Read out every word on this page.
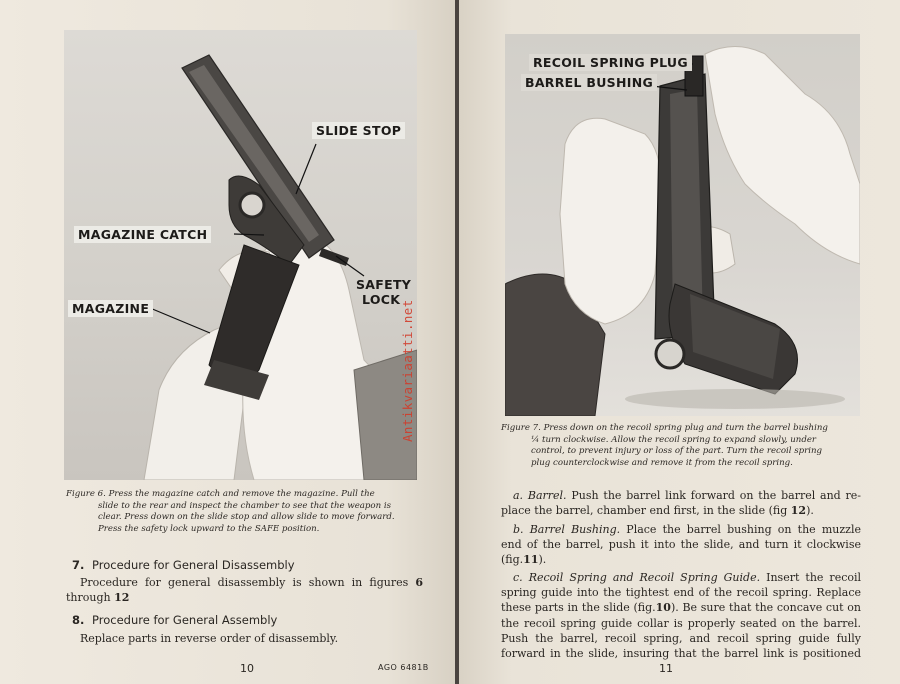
SLIDE STOP
MAGAZINE CATCH
MAGAZINE
SAFETY
LOCK
Figure 6. Press the magazine catch and remove the magazine. Pull the
slide to the rear and inspect the chamber to see that the weapon is
clear. Press down on the slide stop and allow slide to move forward.
Press the safety lock upward to the SAFE position.
7. Procedure for General Disassembly
Procedure for general disassembly is shown in figures 6
through 12
8. Procedure for General Assembly
Replace parts in reverse order of disassembly.
10	AGO 6481B
Antikvariaatti.net
RECOIL SPRING PLUG
BARREL BUSHING
Figure 7. Press down on the recoil spring plug and turn the barrel bushing
¼ turn clockwise. Allow the recoil spring to expand slowly, under
control, to prevent injury or loss of the part. Turn the recoil spring
plug counterclockwise and remove it from the recoil spring.
a. Barrel. Push the barrel link forward on the barrel and re-
place the barrel, chamber end first, in the slide (fig 12).
b. Barrel Bushing. Place the barrel bushing on the muzzle
end of the barrel, push it into the slide, and turn it clockwise
(fig.11).
c. Recoil Spring and Recoil Spring Guide. Insert the recoil
spring guide into the tightest end of the recoil spring. Replace
these parts in the slide (fig.10). Be sure that the concave cut on
the recoil spring guide collar is properly seated on the barrel.
Push the barrel, recoil spring, and recoil spring guide fully
forward in the slide, insuring that the barrel link is positioned
11
